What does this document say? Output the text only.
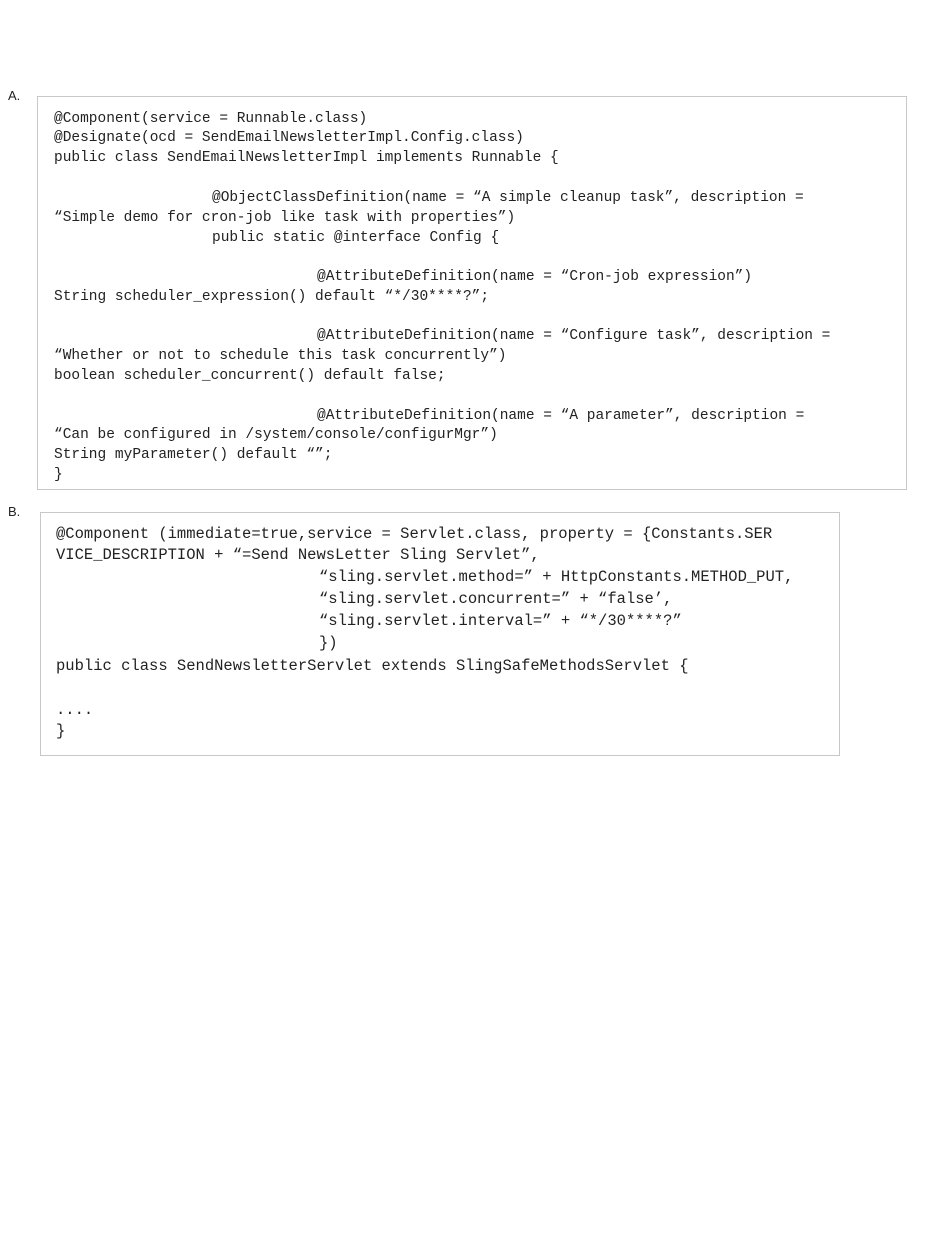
A.
@Component(service = Runnable.class)
@Designate(ocd = SendEmailNewsletterImpl.Config.class)
public class SendEmailNewsletterImpl implements Runnable {
@ObjectClassDefinition(name = “A simple cleanup task”, description =
“Simple demo for cron-job like task with properties”)
public static @interface Config {
@AttributeDefinition(name = “Cron-job expression”)
String scheduler_expression() default “*/30****?”;
@AttributeDefinition(name = “Configure task”, description =
“Whether or not to schedule this task concurrently”)
boolean scheduler_concurrent() default false;
@AttributeDefinition(name = “A parameter”, description =
“Can be configured in /system/console/configurMgr”)
String myParameter() default “”;
}
B.
@Component (immediate=true,service = Servlet.class, property = {Constants.SER
VICE_DESCRIPTION + “=Send NewsLetter Sling Servlet”,
“sling.servlet.method=” + HttpConstants.METHOD_PUT,
“sling.servlet.concurrent=” + “false’,
“sling.servlet.interval=” + “*/30****?”
})
public class SendNewsletterServlet extends SlingSafeMethodsServlet {
....
}
